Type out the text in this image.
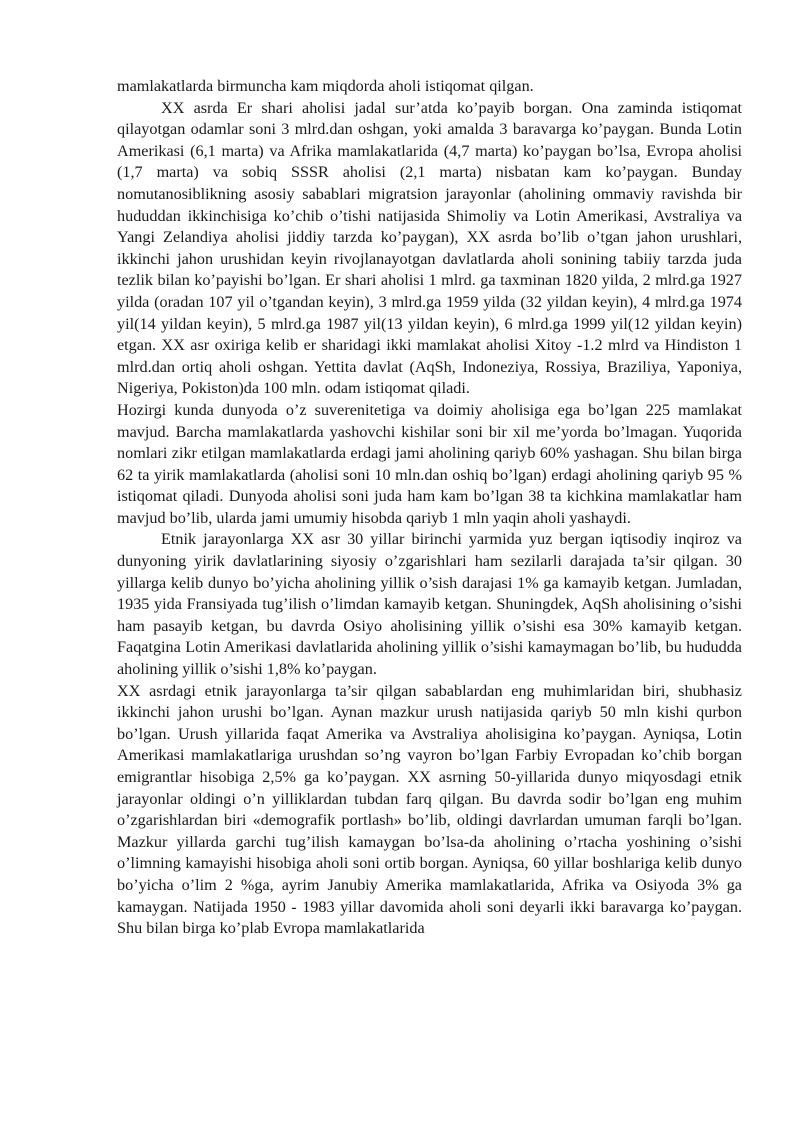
mamlakatlarda birmuncha kam miqdorda aholi istiqomat qilgan.

XX asrda Er shari aholisi jadal sur’atda ko’payib borgan. Ona zaminda istiqomat qilayotgan odamlar soni 3 mlrd.dan oshgan, yoki amalda 3 baravarga ko’paygan. Bunda Lotin Amerikasi (6,1 marta) va Afrika mamlakatlarida (4,7 marta) ko’paygan bo’lsa, Evropa aholisi (1,7 marta) va sobiq SSSR aholisi (2,1 marta) nisbatan kam ko’paygan. Bunday nomutanosiblikning asosiy sabablari migratsion jarayonlar (aholining ommaviy ravishda bir hududdan ikkinchisiga ko’chib o’tishi natijasida Shimoliy va Lotin Amerikasi, Avstraliya va Yangi Zelandiya aholisi jiddiy tarzda ko’paygan), XX asrda bo’lib o’tgan jahon urushlari, ikkinchi jahon urushidan keyin rivojlanayotgan davlatlarda aholi sonining tabiiy tarzda juda tezlik bilan ko’payishi bo’lgan. Er shari aholisi 1 mlrd. ga taxminan 1820 yilda, 2 mlrd.ga 1927 yilda (oradan 107 yil o’tgandan keyin), 3 mlrd.ga 1959 yilda (32 yildan keyin), 4 mlrd.ga 1974 yil(14 yildan keyin), 5 mlrd.ga 1987 yil(13 yildan keyin), 6 mlrd.ga 1999 yil(12 yildan keyin) etgan. XX asr oxiriga kelib er sharidagi ikki mamlakat aholisi Xitoy -1.2 mlrd va Hindiston 1 mlrd.dan ortiq aholi oshgan. Yettita davlat (AqSh, Indoneziya, Rossiya, Braziliya, Yaponiya, Nigeriya, Pokiston)da 100 mln. odam istiqomat qiladi.

Hozirgi kunda dunyoda o’z suverenitetiga va doimiy aholisiga ega bo’lgan 225 mamlakat mavjud. Barcha mamlakatlarda yashovchi kishilar soni bir xil me’yorda bo’lmagan. Yuqorida nomlari zikr etilgan mamlakatlarda erdagi jami aholining qariyb 60% yashagan. Shu bilan birga 62 ta yirik mamlakatlarda (aholisi soni 10 mln.dan oshiq bo’lgan) erdagi aholining qariyb 95 % istiqomat qiladi. Dunyoda aholisi soni juda ham kam bo’lgan 38 ta kichkina mamlakatlar ham mavjud bo’lib, ularda jami umumiy hisobda qariyb 1 mln yaqin aholi yashaydi.

Etnik jarayonlarga XX asr 30 yillar birinchi yarmida yuz bergan iqtisodiy inqiroz va dunyoning yirik davlatlarining siyosiy o’zgarishlari ham sezilarli darajada ta’sir qilgan. 30 yillarga kelib dunyo bo’yicha aholining yillik o’sish darajasi 1% ga kamayib ketgan. Jumladan, 1935 yida Fransiyada tug’ilish o’limdan kamayib ketgan. Shuningdek, AqSh aholisining o’sishi ham pasayib ketgan, bu davrda Osiyo aholisining yillik o’sishi esa 30% kamayib ketgan. Faqatgina Lotin Amerikasi davlatlarida aholining yillik o’sishi kamaymagan bo’lib, bu hududda aholining yillik o’sishi 1,8% ko’paygan.

XX asrdagi etnik jarayonlarga ta’sir qilgan sabablardan eng muhimlaridan biri, shubhasiz ikkinchi jahon urushi bo’lgan. Aynan mazkur urush natijasida qariyb 50 mln kishi qurbon bo’lgan. Urush yillarida faqat Amerika va Avstraliya aholisigina ko’paygan. Ayniqsa, Lotin Amerikasi mamlakatlariga urushdan so’ng vayron bo’lgan Farbiy Evropadan ko’chib borgan emigrantlar hisobiga 2,5% ga ko’paygan. XX asrning 50-yillarida dunyo miqyosdagi etnik jarayonlar oldingi o’n yilliklardan tubdan farq qilgan. Bu davrda sodir bo’lgan eng muhim o’zgarishlardan biri «demografik portlash» bo’lib, oldingi davrlardan umuman farqli bo’lgan. Mazkur yillarda garchi tug’ilish kamaygan bo’lsa-da aholining o’rtacha yoshining o’sishi o’limning kamayishi hisobiga aholi soni ortib borgan. Ayniqsa, 60 yillar boshlariga kelib dunyo bo’yicha o’lim 2 %ga, ayrim Janubiy Amerika mamlakatlarida, Afrika va Osiyoda 3% ga kamaygan. Natijada 1950 - 1983 yillar davomida aholi soni deyarli ikki baravarga ko’paygan. Shu bilan birga ko’plab Evropa mamlakatlarida
